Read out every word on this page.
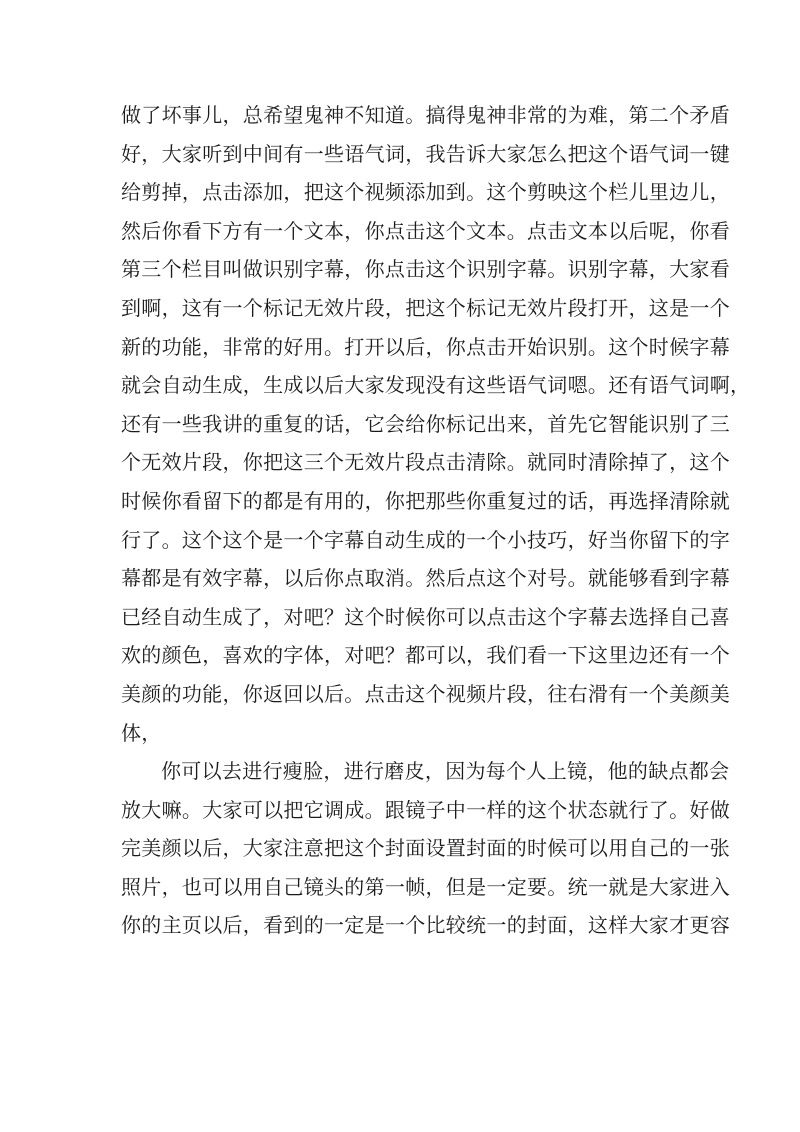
做了坏事儿，总希望鬼神不知道。搞得鬼神非常的为难，第二个矛盾
好，大家听到中间有一些语气词，我告诉大家怎么把这个语气词一键
给剪掉，点击添加，把这个视频添加到。这个剪映这个栏儿里边儿，
然后你看下方有一个文本，你点击这个文本。点击文本以后呢，你看
第三个栏目叫做识别字幕，你点击这个识别字幕。识别字幕，大家看
到啊，这有一个标记无效片段，把这个标记无效片段打开，这是一个
新的功能，非常的好用。打开以后，你点击开始识别。这个时候字幕
就会自动生成，生成以后大家发现没有这些语气词嗯。还有语气词啊，
还有一些我讲的重复的话，它会给你标记出来，首先它智能识别了三
个无效片段，你把这三个无效片段点击清除。就同时清除掉了，这个
时候你看留下的都是有用的，你把那些你重复过的话，再选择清除就
行了。这个这个是一个字幕自动生成的一个小技巧，好当你留下的字
幕都是有效字幕，以后你点取消。然后点这个对号。就能够看到字幕
已经自动生成了，对吧？这个时候你可以点击这个字幕去选择自己喜
欢的颜色，喜欢的字体，对吧？都可以，我们看一下这里边还有一个
美颜的功能，你返回以后。点击这个视频片段，往右滑有一个美颜美
体，
你可以去进行瘦脸，进行磨皮，因为每个人上镜，他的缺点都会
放大嘛。大家可以把它调成。跟镜子中一样的这个状态就行了。好做
完美颜以后，大家注意把这个封面设置封面的时候可以用自己的一张
照片，也可以用自己镜头的第一帧，但是一定要。统一就是大家进入
你的主页以后，看到的一定是一个比较统一的封面，这样大家才更容
